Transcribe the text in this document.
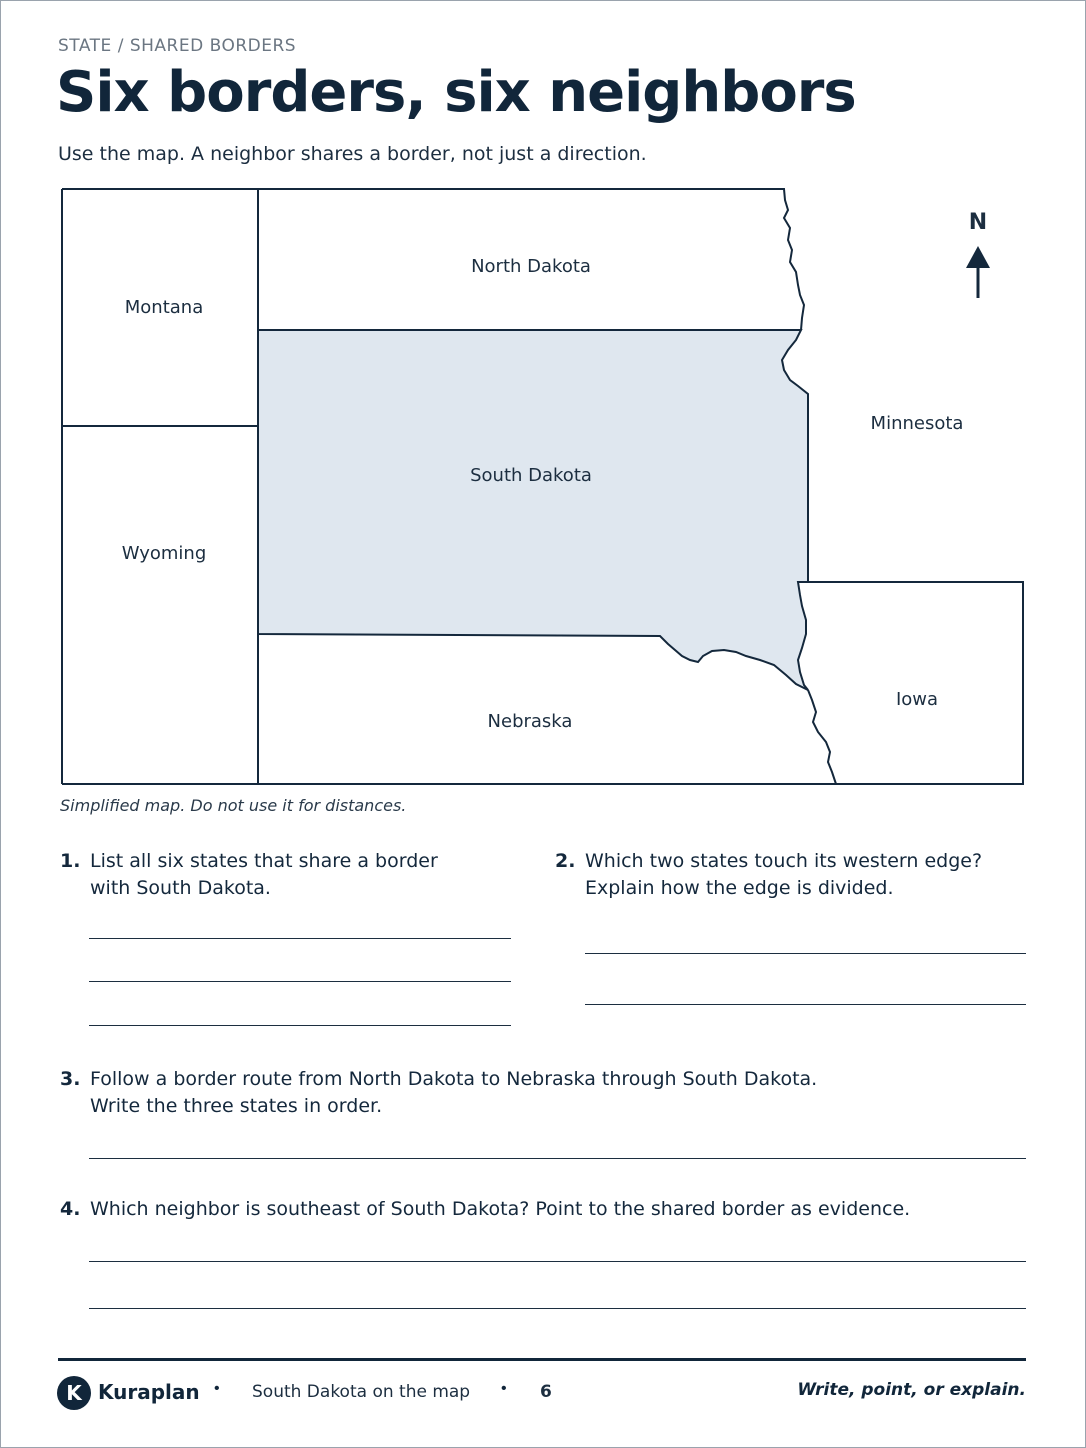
STATE / SHARED BORDERS
Six borders, six neighbors
Use the map. A neighbor shares a border, not just a direction.
Montana
North Dakota
Minnesota
Wyoming
South Dakota
Nebraska
Iowa
N
Simplified map. Do not use it for distances.
1. List all six states that share a border
with South Dakota.
2. Which two states touch its western edge?
Explain how the edge is divided.
3. Follow a border route from North Dakota to Nebraska through South Dakota.
Write the three states in order.
4. Which neighbor is southeast of South Dakota? Point to the shared border as evidence.
K Kuraplan • South Dakota on the map • 6	Write, point, or explain.
